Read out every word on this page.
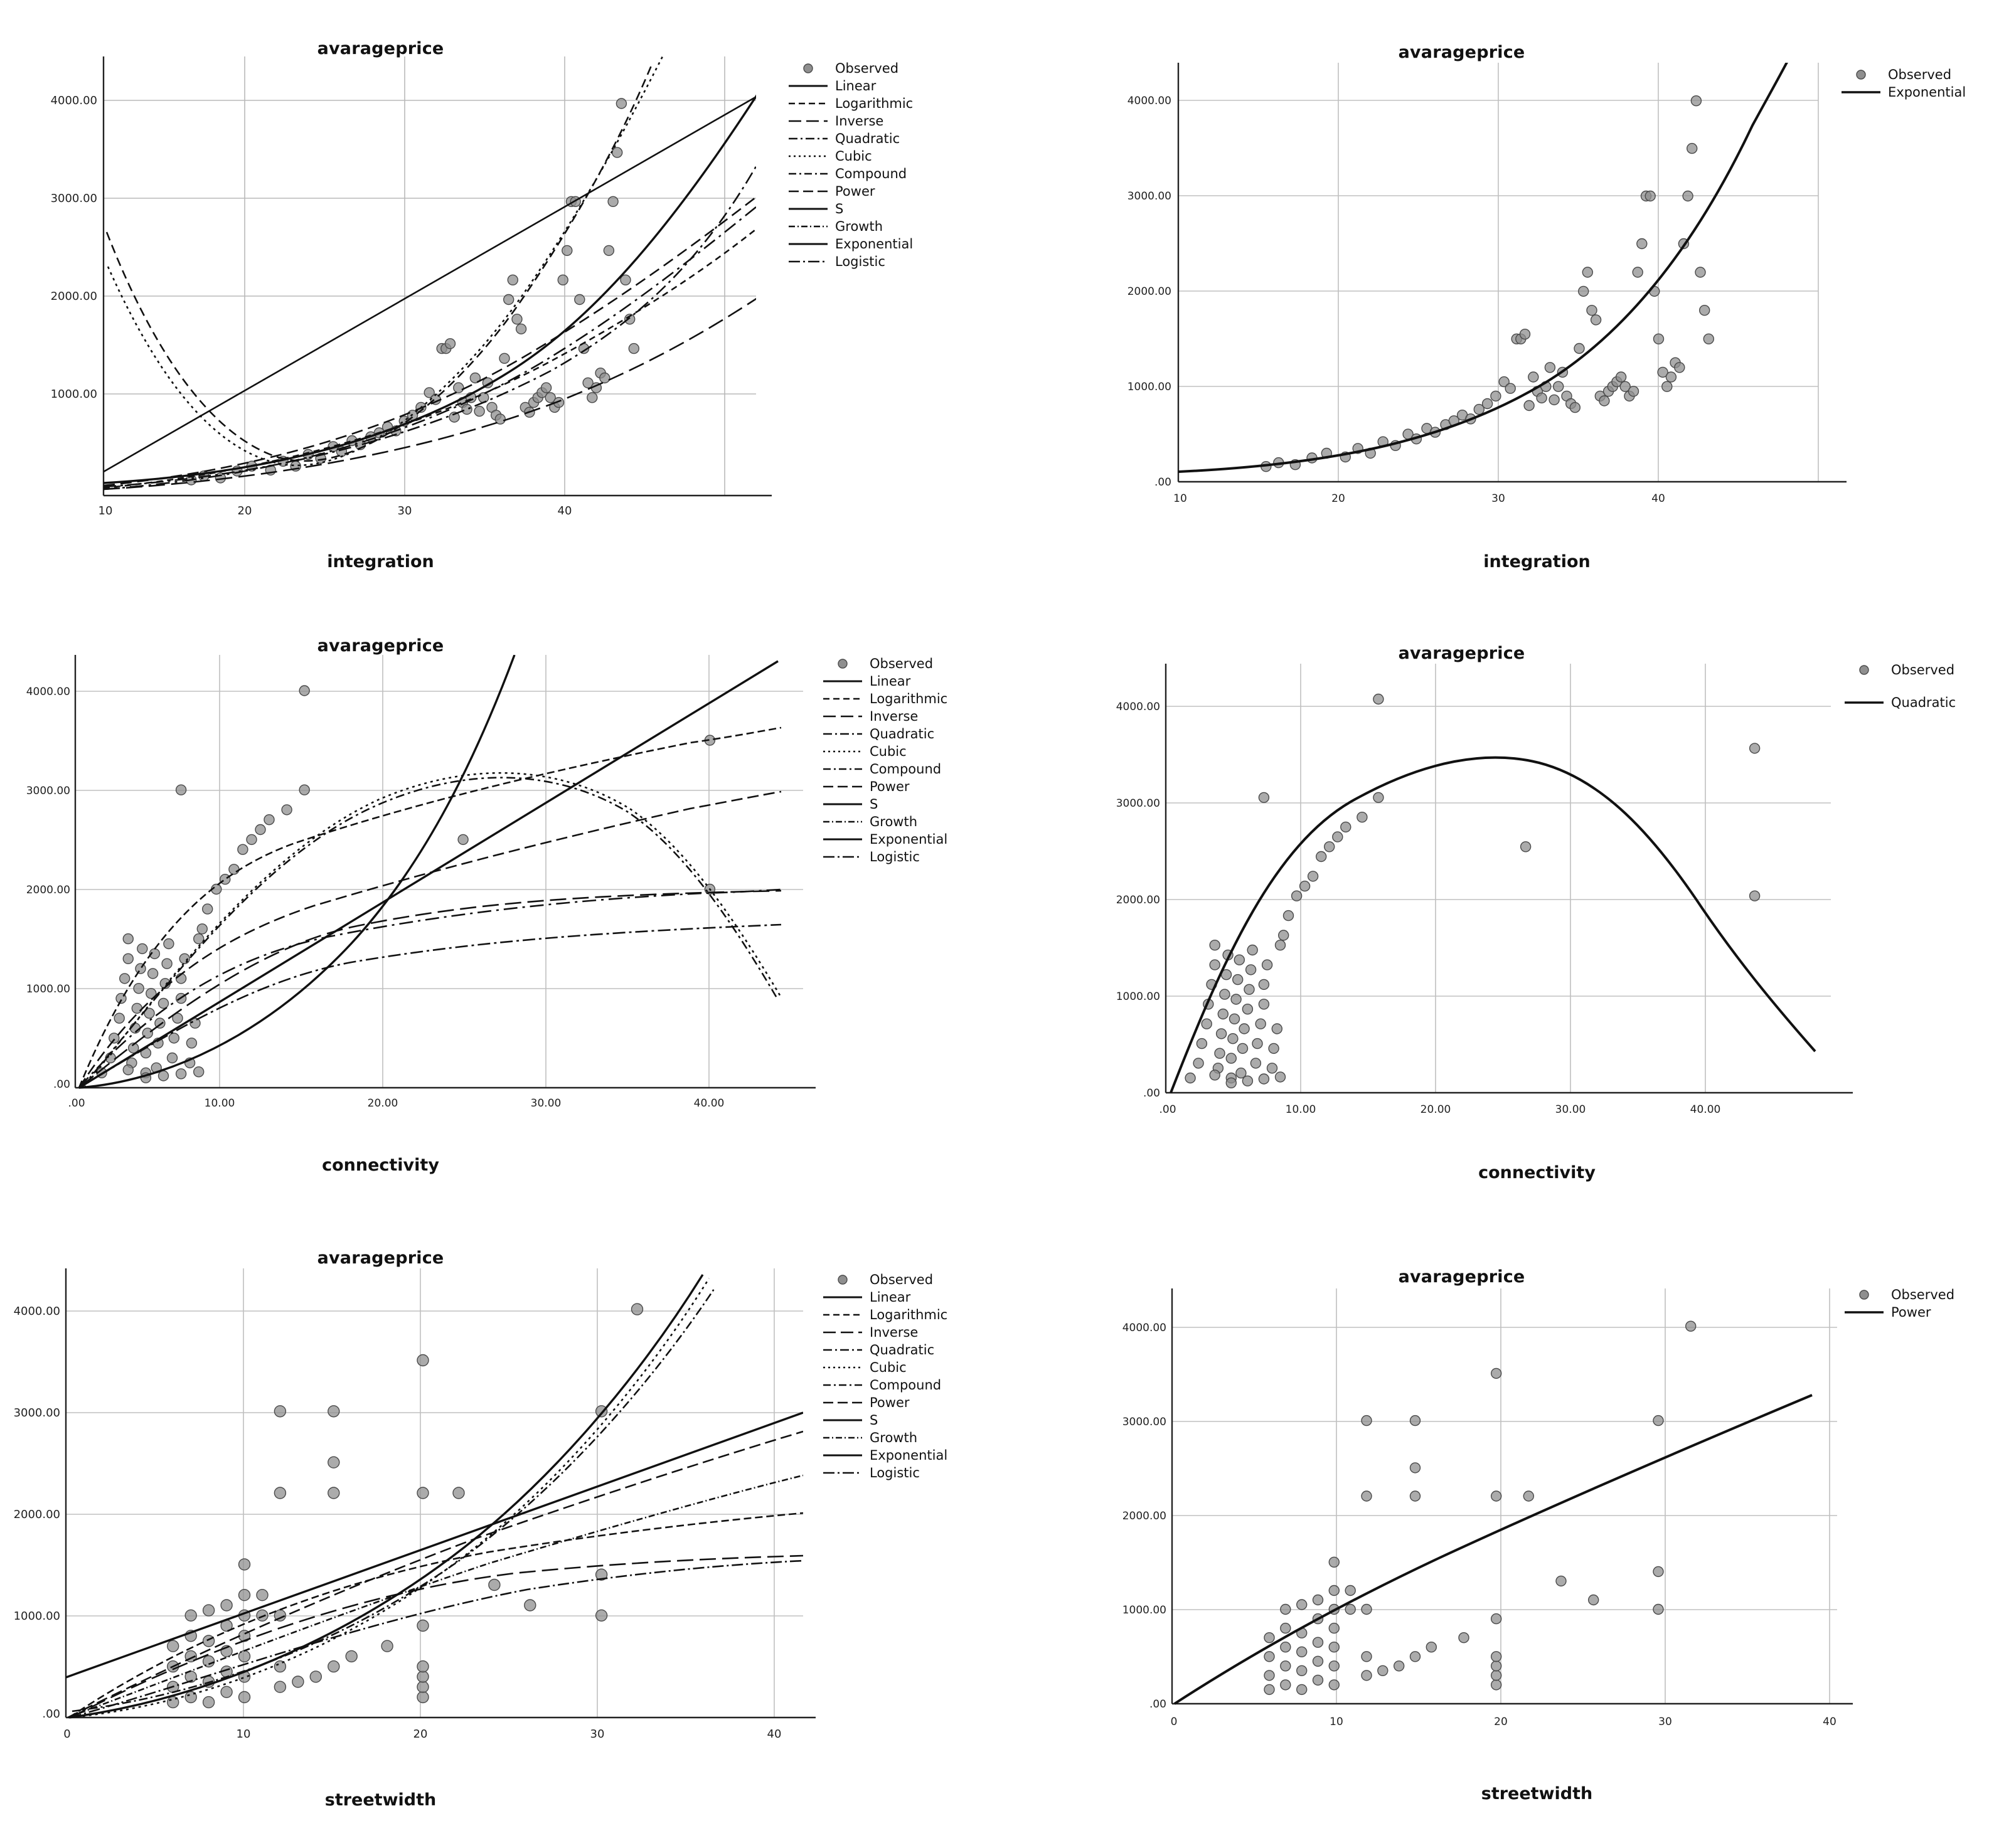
avarageprice
4000.00
3000.00
2000.00
1000.00
10	20	30	40
integration
Observed
Linear
Logarithmic
Inverse
Quadratic
Cubic
Compound
Power
S
Growth
Exponential
Logistic
avarageprice
4000.00
3000.00
2000.00
1000.00
.00
10	20	30	40
integration
Observed
Exponential
avarageprice
4000.00
3000.00
2000.00
1000.00
.00
.00	10.00	20.00	30.00	40.00
connectivity
Observed
Linear
Logarithmic
Inverse
Quadratic
Cubic
Compound
Power
S
Growth
Exponential
Logistic
avarageprice
4000.00
3000.00
2000.00
1000.00
.00
.00	10.00	20.00	30.00	40.00
connectivity
Observed
Quadratic
avarageprice
4000.00
3000.00
2000.00
1000.00
.00
0	10	20	30	40
streetwidth
Observed
Linear
Logarithmic
Inverse
Quadratic
Cubic
Compound
Power
S
Growth
Exponential
Logistic
avarageprice
4000.00
3000.00
2000.00
1000.00
.00
0	10	20	30	40
streetwidth
Observed
Power
